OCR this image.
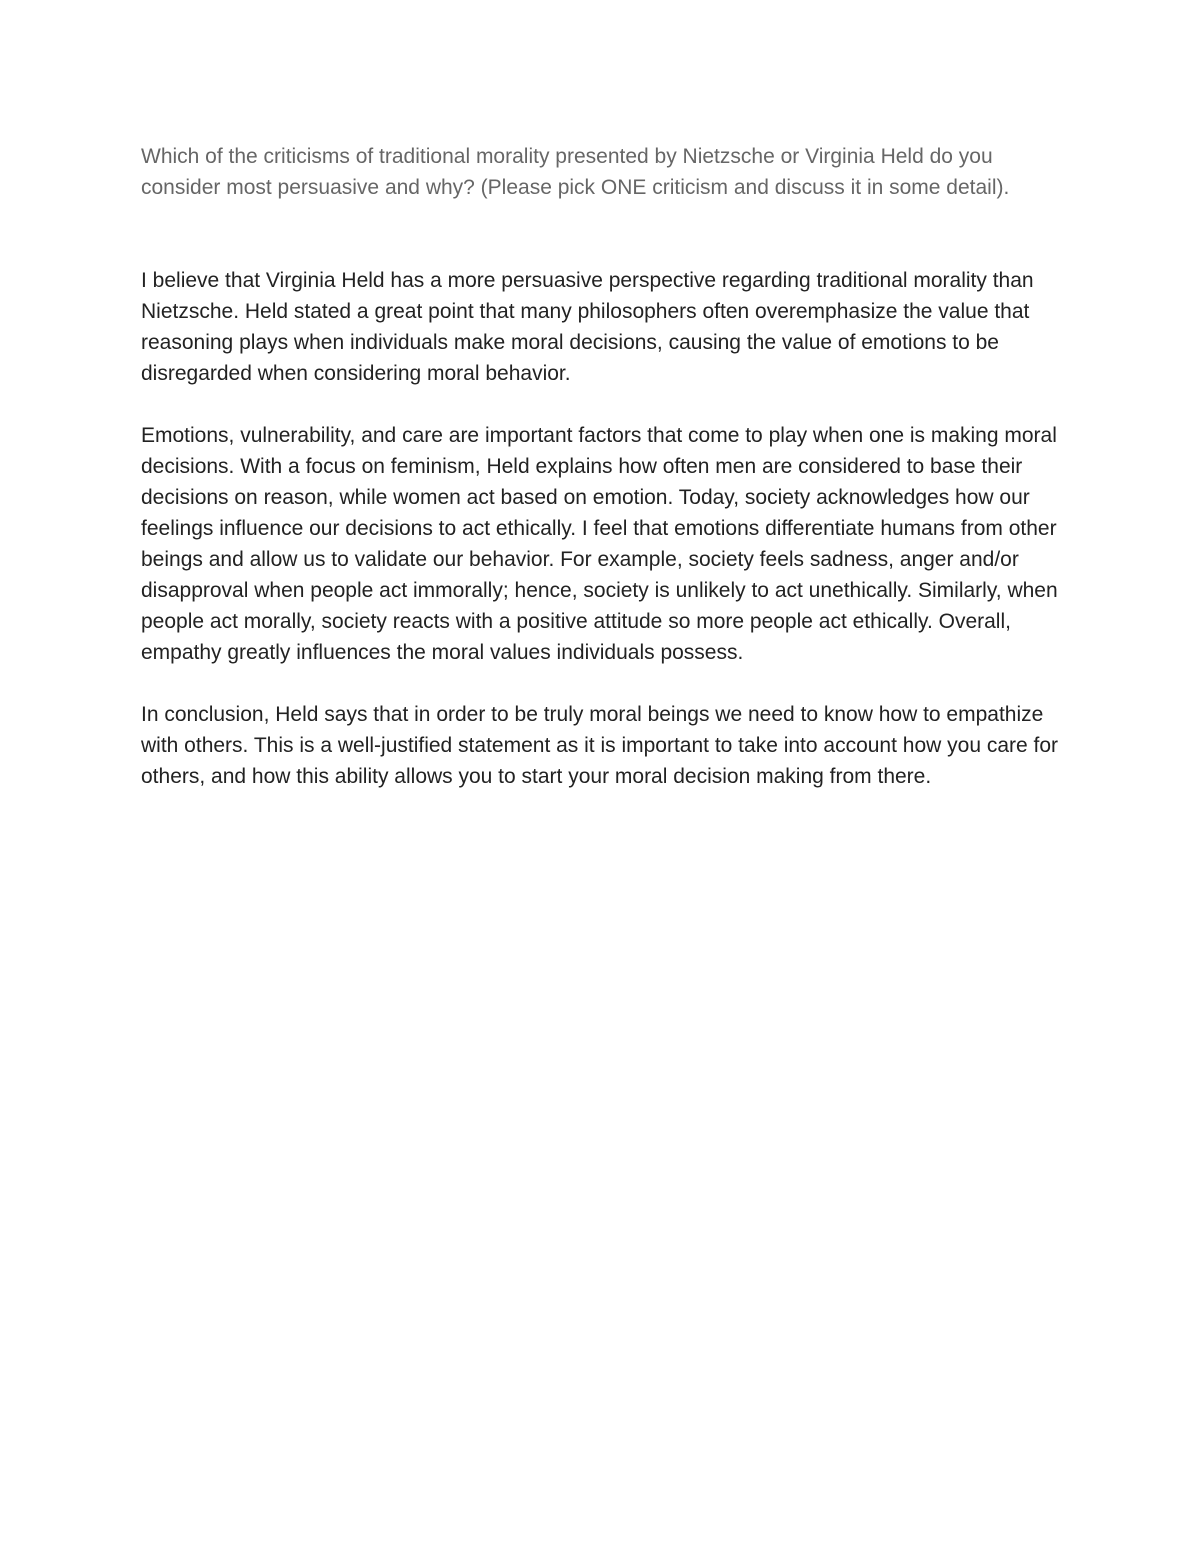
Which of the criticisms of traditional morality presented by Nietzsche or Virginia Held do you consider most persuasive and why? (Please pick ONE criticism and discuss it in some detail).

I believe that Virginia Held has a more persuasive perspective regarding traditional morality than Nietzsche. Held stated a great point that many philosophers often overemphasize the value that reasoning plays when individuals make moral decisions, causing the value of emotions to be disregarded when considering moral behavior.

Emotions, vulnerability, and care are important factors that come to play when one is making moral decisions. With a focus on feminism, Held explains how often men are considered to base their decisions on reason, while women act based on emotion. Today, society acknowledges how our feelings influence our decisions to act ethically. I feel that emotions differentiate humans from other beings and allow us to validate our behavior. For example, society feels sadness, anger and/or disapproval when people act immorally; hence, society is unlikely to act unethically. Similarly, when people act morally, society reacts with a positive attitude so more people act ethically. Overall, empathy greatly influences the moral values individuals possess.

In conclusion, Held says that in order to be truly moral beings we need to know how to empathize with others. This is a well-justified statement as it is important to take into account how you care for others, and how this ability allows you to start your moral decision making from there.
